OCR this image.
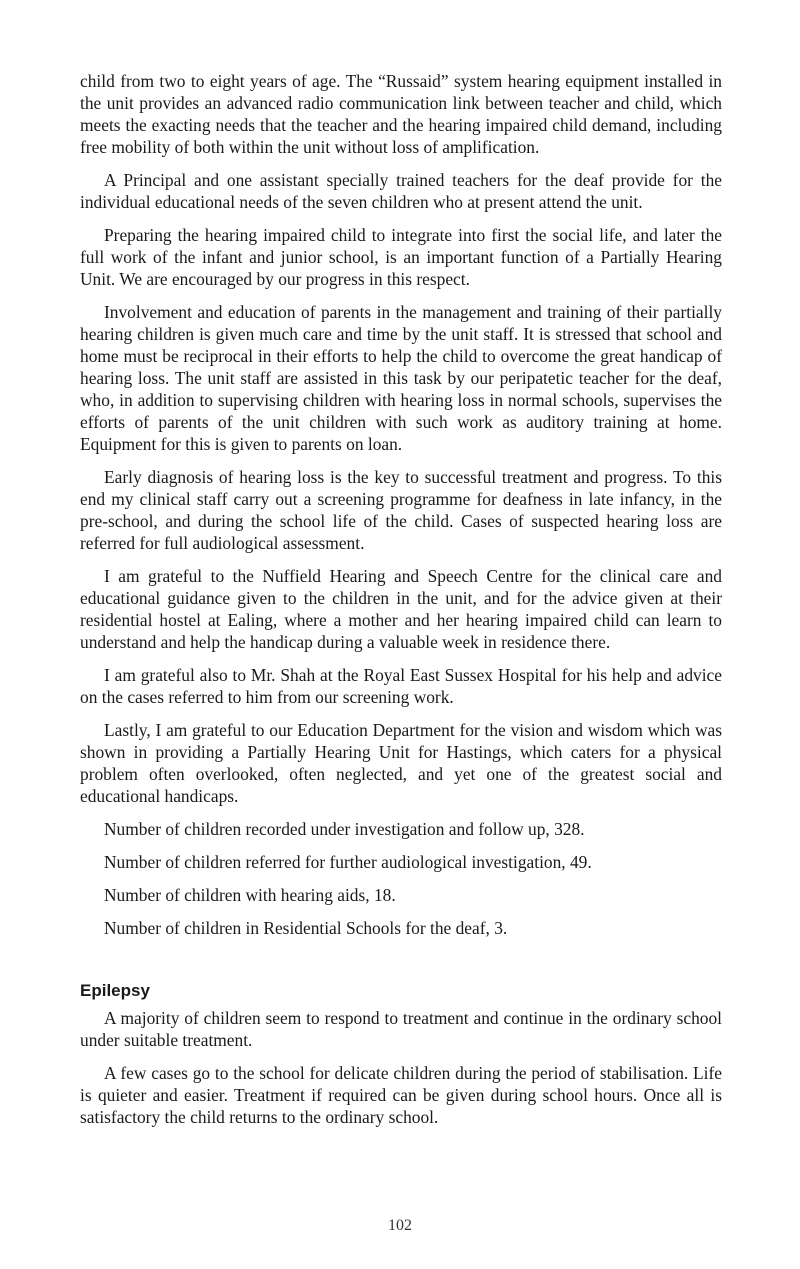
child from two to eight years of age. The “Russaid” system hearing equipment installed in the unit provides an advanced radio communication link between teacher and child, which meets the exacting needs that the teacher and the hearing impaired child demand, including free mobility of both within the unit without loss of amplification.

A Principal and one assistant specially trained teachers for the deaf provide for the individual educational needs of the seven children who at present attend the unit.

Preparing the hearing impaired child to integrate into first the social life, and later the full work of the infant and junior school, is an important function of a Partially Hearing Unit. We are encouraged by our progress in this respect.

Involvement and education of parents in the management and training of their partially hearing children is given much care and time by the unit staff. It is stressed that school and home must be reciprocal in their efforts to help the child to overcome the great handicap of hearing loss. The unit staff are assisted in this task by our peripatetic teacher for the deaf, who, in addition to supervising children with hearing loss in normal schools, supervises the efforts of parents of the unit children with such work as auditory training at home. Equipment for this is given to parents on loan.

Early diagnosis of hearing loss is the key to successful treatment and progress. To this end my clinical staff carry out a screening programme for deafness in late infancy, in the pre-school, and during the school life of the child. Cases of suspected hearing loss are referred for full audiological assessment.

I am grateful to the Nuffield Hearing and Speech Centre for the clinical care and educational guidance given to the children in the unit, and for the advice given at their residential hostel at Ealing, where a mother and her hearing impaired child can learn to understand and help the handicap during a valuable week in residence there.

I am grateful also to Mr. Shah at the Royal East Sussex Hospital for his help and advice on the cases referred to him from our screening work.

Lastly, I am grateful to our Education Department for the vision and wisdom which was shown in providing a Partially Hearing Unit for Hastings, which caters for a physical problem often overlooked, often neglected, and yet one of the greatest social and educational handicaps.

Number of children recorded under investigation and follow up, 328.

Number of children referred for further audiological investigation, 49.

Number of children with hearing aids, 18.

Number of children in Residential Schools for the deaf, 3.

Epilepsy

A majority of children seem to respond to treatment and continue in the ordinary school under suitable treatment.

A few cases go to the school for delicate children during the period of stabilisation. Life is quieter and easier. Treatment if required can be given during school hours. Once all is satisfactory the child returns to the ordinary school.

102
